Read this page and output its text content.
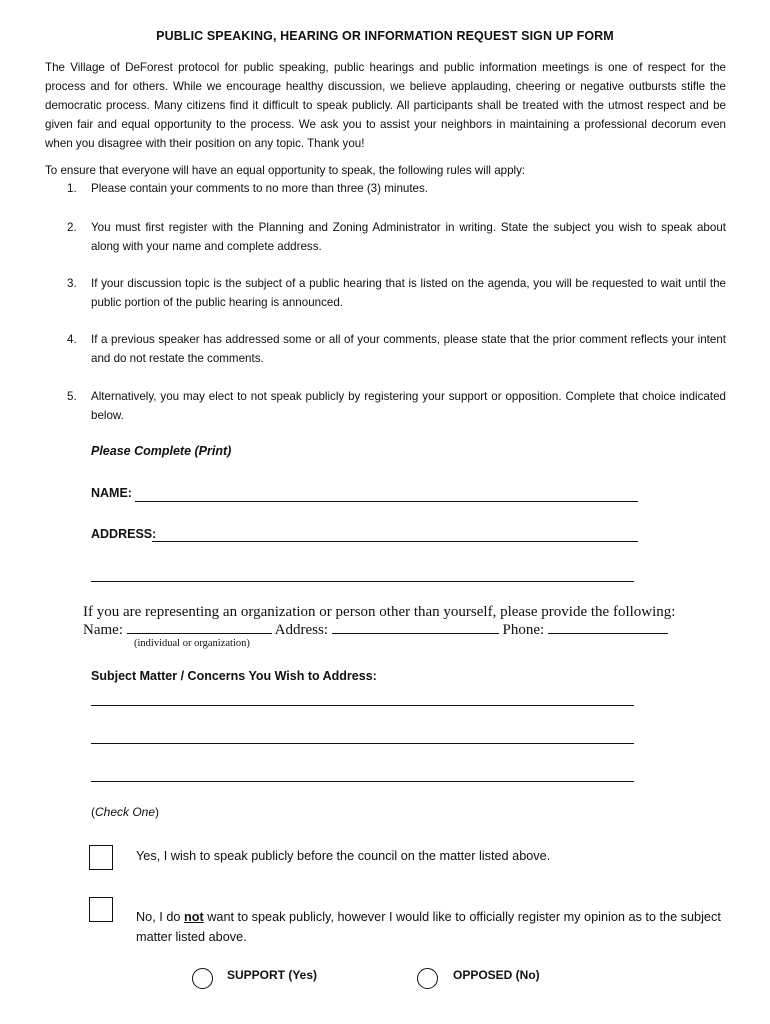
PUBLIC SPEAKING, HEARING OR INFORMATION REQUEST SIGN UP FORM
The Village of DeForest protocol for public speaking, public hearings and public information meetings is one of respect for the process and for others. While we encourage healthy discussion, we believe applauding, cheering or negative outbursts stifle the democratic process. Many citizens find it difficult to speak publicly. All participants shall be treated with the utmost respect and be given fair and equal opportunity to the process. We ask you to assist your neighbors in maintaining a professional decorum even when you disagree with their position on any topic. Thank you!
To ensure that everyone will have an equal opportunity to speak, the following rules will apply:
1. Please contain your comments to no more than three (3) minutes.
2. You must first register with the Planning and Zoning Administrator in writing. State the subject you wish to speak about along with your name and complete address.
3. If your discussion topic is the subject of a public hearing that is listed on the agenda, you will be requested to wait until the public portion of the public hearing is announced.
4. If a previous speaker has addressed some or all of your comments, please state that the prior comment reflects your intent and do not restate the comments.
5. Alternatively, you may elect to not speak publicly by registering your support or opposition. Complete that choice indicated below.
Please Complete (Print)
NAME:
ADDRESS:
If you are representing an organization or person other than yourself, please provide the following:
Name:	Address:	Phone:
(individual or organization)
Subject Matter / Concerns You Wish to Address:
(Check One)
Yes, I wish to speak publicly before the council on the matter listed above.
No, I do not want to speak publicly, however I would like to officially register my opinion as to the subject matter listed above.
SUPPORT (Yes)	OPPOSED (No)
